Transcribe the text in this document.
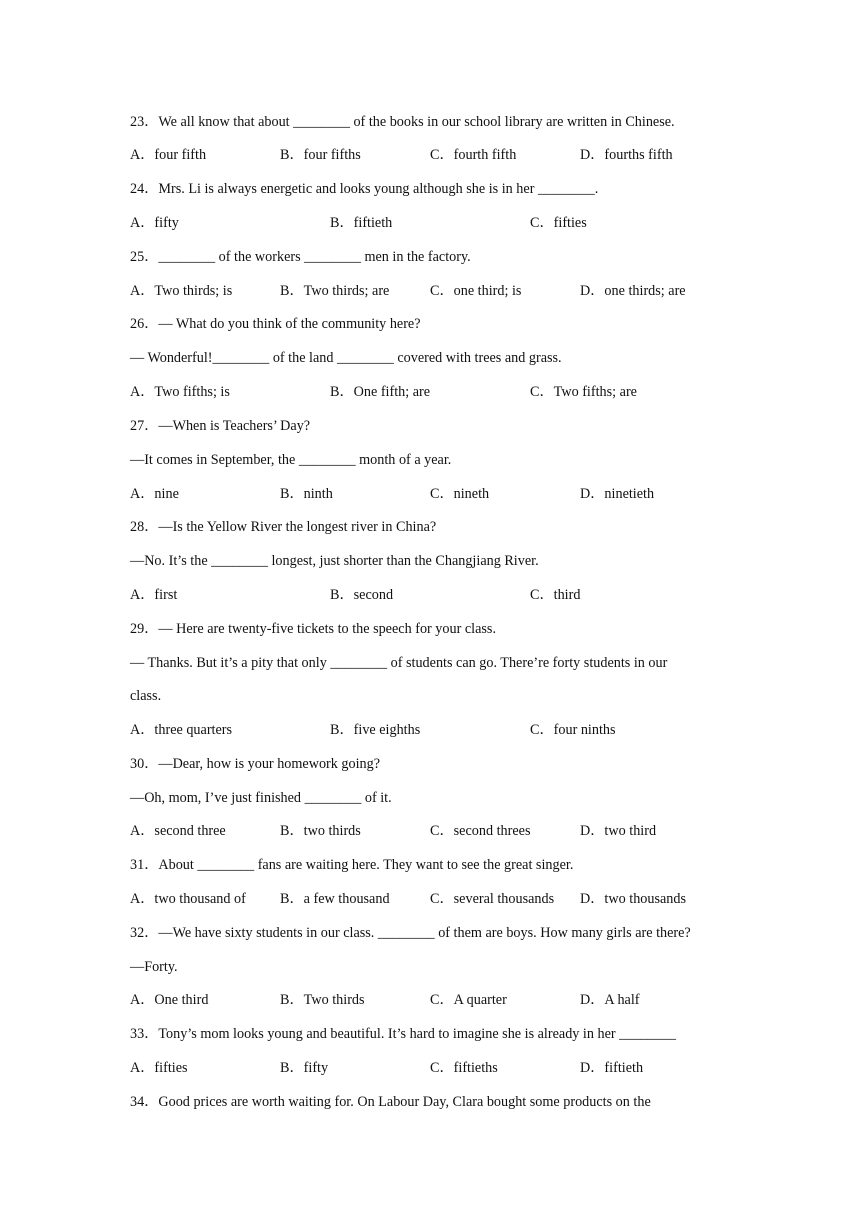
23．We all know that about ________ of the books in our school library are written in Chinese.
A．four fifth	B．four fifths	C．fourth fifth	D．fourths fifth
24．Mrs. Li is always energetic and looks young although she is in her ________.
A．fifty	B．fiftieth	C．fifties
25．________ of the workers ________ men in the factory.
A．Two thirds; is	B．Two thirds; are	C．one third; is	D．one thirds; are
26．— What do you think of the community here?
— Wonderful!________ of the land ________ covered with trees and grass.
A．Two fifths; is	B．One fifth; are	C．Two fifths; are
27．—When is Teachers’ Day?
—It comes in September, the ________ month of a year.
A．nine	B．ninth	C．nineth	D．ninetieth
28．—Is the Yellow River the longest river in China?
—No. It’s the ________ longest, just shorter than the Changjiang River.
A．first	B．second	C．third
29．— Here are twenty-five tickets to the speech for your class.
— Thanks. But it’s a pity that only ________ of students can go. There’re forty students in our
class.
A．three quarters	B．five eighths	C．four ninths
30．—Dear, how is your homework going?
—Oh, mom, I’ve just finished ________ of it.
A．second three	B．two thirds	C．second threes	D．two third
31．About ________ fans are waiting here. They want to see the great singer.
A．two thousand of B．a few thousand	C．several thousands D．two thousands
32．—We have sixty students in our class. ________ of them are boys. How many girls are there?
—Forty.
A．One third	B．Two thirds	C．A quarter	D．A half
33．Tony’s mom looks young and beautiful. It’s hard to imagine she is already in her ________
A．fifties	B．fifty	C．fiftieths	D．fiftieth
34．Good prices are worth waiting for. On Labour Day, Clara bought some products on the
